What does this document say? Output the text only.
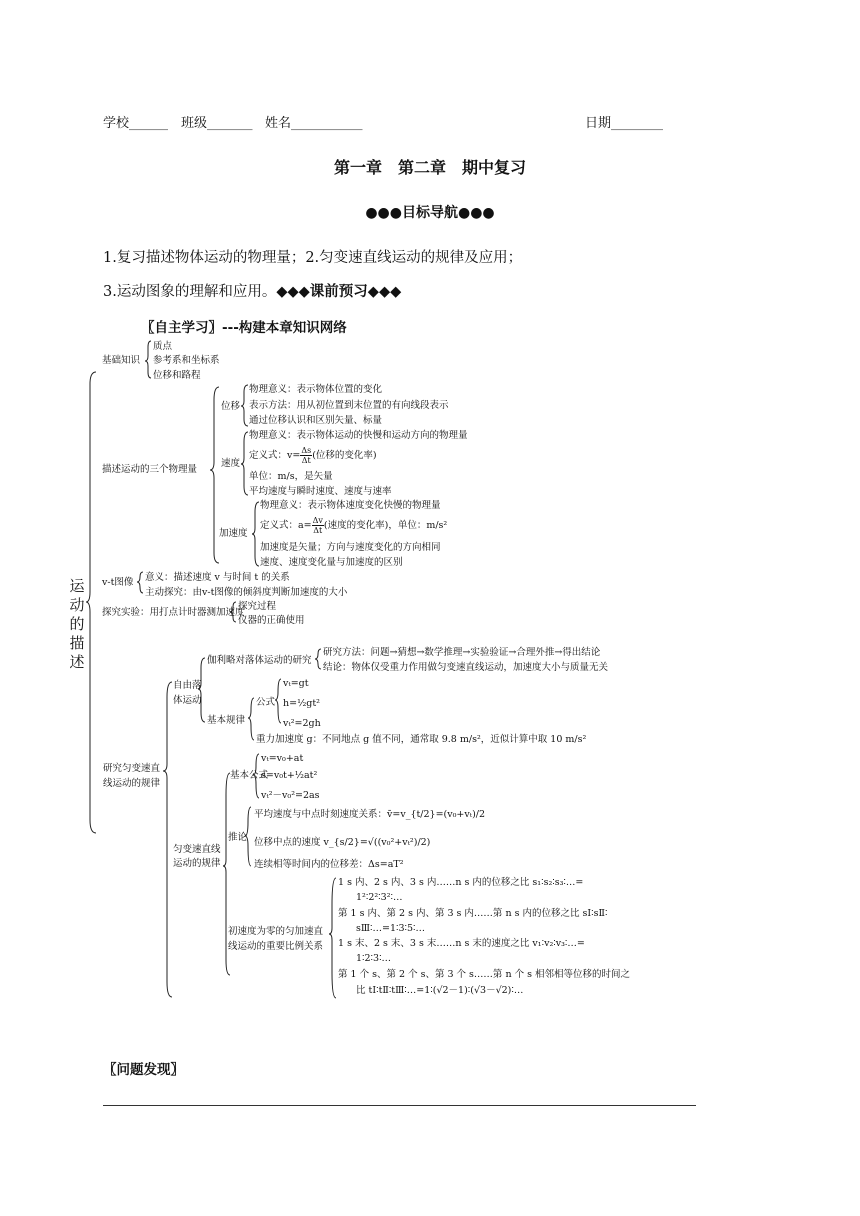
学校______ 班级_______ 姓名___________	日期________
第一章　第二章　期中复习
●●●目标导航●●●
1.复习描述物体运动的物理量；2.匀变速直线运动的规律及应用；
3.运动图象的理解和应用。◆◆◆课前预习◆◆◆
〖自主学习〗---构建本章知识网络
运动的描述
基础知识
质点
参考系和坐标系
位移和路程
描述运动的三个物理量
位移
物理意义：表示物体位置的变化
表示方法：用从初位置到末位置的有向线段表示
通过位移认识和区别矢量、标量
速度
物理意义：表示物体运动的快慢和运动方向的物理量
定义式：$v= \frac{\Delta s}{\Delta t}$ (位移的变化率)
单位：m/s，是矢量
平均速度与瞬时速度、速度与速率
加速度
物理意义：表示物体速度变化快慢的物理量
定义式：$a= \frac{\Delta v}{\Delta t}$ (速度的变化率)，单位：m/s²
加速度是矢量；方向与速度变化的方向相同
速度、速度变化量与加速度的区别
v-t图像 意义：描述速度 v 与时间 t 的关系
主动探究：由v-t图像的倾斜度判断加速度的大小
探究实验：用打点计时器测加速度
探究过程
仪器的正确使用
研究匀变速直
线运动的规律
自由落
体运动
伽利略对落体运动的研究
研究方法：问题→猜想→数学推理→实验验证→合理外推→得出结论
结论：物体仅受重力作用做匀变速直线运动，加速度大小与质量无关
基本规律
公式
vₜ=gt
h=½gt²
vₜ²=2gh
重力加速度 g：不同地点 g 值不同，通常取 9.8 m/s²，近似计算中取 10 m/s²
匀变速直线
运动的规律
基本公式
vₜ=v₀+at
s=v₀t+½at²
vₜ²－v₀²=2as
推论
平均速度与中点时刻速度关系：v̄=v_{t/2}=(v₀+vₜ)/2
位移中点的速度 v_{s/2}=√((v₀²+vₜ²)/2)
连续相等时间内的位移差：Δs=aT²
初速度为零的匀加速直
线运动的重要比例关系
1 s 内、2 s 内、3 s 内……n s 内的位移之比 s₁∶s₂∶s₃∶…=
1²∶2²∶3²∶…
第 1 s 内、第 2 s 内、第 3 s 内……第 n s 内的位移之比 sⅠ∶sⅡ∶
sⅢ∶…=1∶3∶5∶…
1 s 末、2 s 末、3 s 末……n s 末的速度之比 v₁∶v₂∶v₃∶…=
1∶2∶3∶…
第 1 个 s、第 2 个 s、第 3 个 s……第 n 个 s 相邻相等位移的时间之
比 tⅠ∶tⅡ∶tⅢ∶…=1∶(√2－1)∶(√3－√2)∶…
〖问题发现〗
